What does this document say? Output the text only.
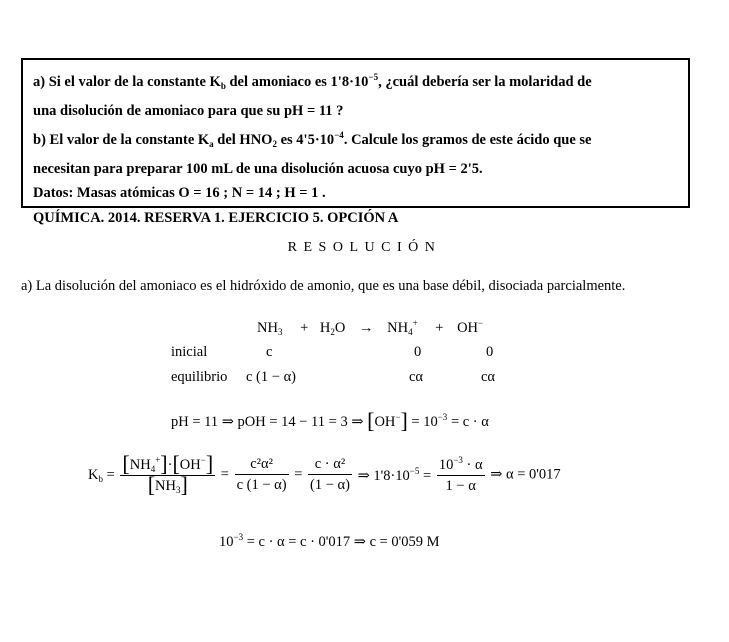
a) Si el valor de la constante $K_b$ del amoniaco es $1'8\cdot 10^{-5}$, ¿cuál debería ser la molaridad de
una disolución de amoniaco para que su pH = 11 ?
b) El valor de la constante $K_a$ del $HNO_2$ es $4'5\cdot 10^{-4}$. Calcule los gramos de este ácido que se
necesitan para preparar 100 mL de una disolución acuosa cuyo pH = 2'5.
Datos: Masas atómicas O = 16 ; N = 14 ; H = 1 .
QUÍMICA. 2014. RESERVA 1. EJERCICIO 5. OPCIÓN A
RESOLUCIÓN
a) La disolución del amoniaco es el hidróxido de amonio, que es una base débil, disociada parcialmente.
$NH_3 + H_2O \to NH_4^+ + OH^-$
inicial	c	0	0
equilibrio c (1 − α)	cα	cα
pH = 11 ⇒ pOH = 14 − 11 = 3 ⇒ $[OH^-] = 10^{-3} = c \cdot \alpha$
$K_b = \frac{[NH_4^+]\cdot[OH^-]}{[NH_3]} = \frac{\text{c²α²}}{c (1 - \alpha)} = \frac{\text{c · α²}}{(1 - \alpha)}$ ⇒ $1'8\cdot 10^{-5} = \frac{10^{-3} \cdot \alpha}{1 - \alpha}$ ⇒ α = 0'017
$10^{-3} = c \cdot \alpha = c \cdot 0'017$ ⇒ c = 0'059 M
